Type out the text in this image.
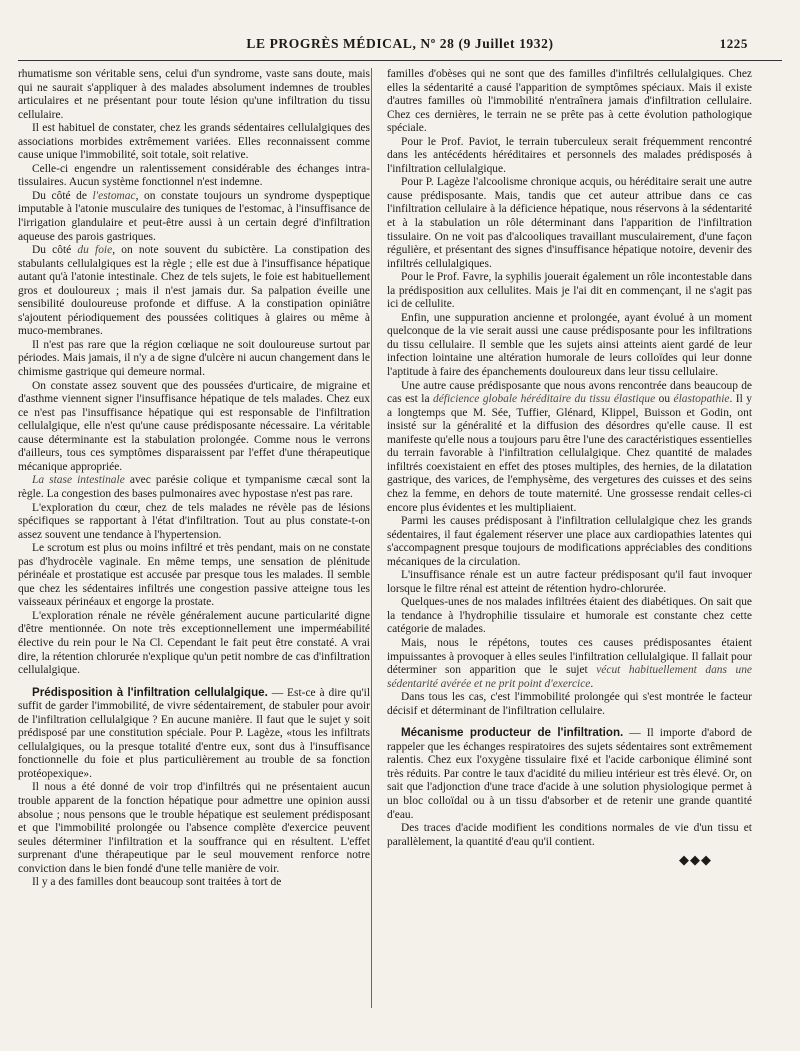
LE PROGRÈS MÉDICAL, Nº 28 (9 Juillet 1932)	1225

rhumatisme son véritable sens, celui d'un syndrome, vaste sans doute, mais qui ne saurait s'appliquer à des malades absolument indemnes de troubles articulaires et ne présentant pour toute lésion qu'une infiltration du tissu cellulaire.

Il est habituel de constater, chez les grands sédentaires cellulalgiques des associations morbides extrêmement variées. Elles reconnaissent comme cause unique l'immobilité, soit totale, soit relative.

Celle-ci engendre un ralentissement considérable des échanges intra-tissulaires. Aucun système fonctionnel n'est indemne.

Du côté de l'estomac, on constate toujours un syndrome dyspeptique imputable à l'atonie musculaire des tuniques de l'estomac, à l'insuffisance de l'irrigation glandulaire et peut-être aussi à un certain degré d'infiltration aqueuse des parois gastriques.

Du côté du foie, on note souvent du subictère. La constipation des stabulants cellulalgiques est la règle ; elle est due à l'insuffisance hépatique autant qu'à l'atonie intestinale. Chez de tels sujets, le foie est habituellement gros et douloureux ; mais il n'est jamais dur. Sa palpation éveille une sensibilité douloureuse profonde et diffuse. A la constipation opiniâtre s'ajoutent périodiquement des poussées colitiques à glaires ou même à muco-membranes.

Il n'est pas rare que la région cœliaque ne soit douloureuse surtout par périodes. Mais jamais, il n'y a de signe d'ulcère ni aucun changement dans le chimisme gastrique qui demeure normal.

On constate assez souvent que des poussées d'urticaire, de migraine et d'asthme viennent signer l'insuffisance hépatique de tels malades. Chez eux ce n'est pas l'insuffisance hépatique qui est responsable de l'infiltration cellulalgique, elle n'est qu'une cause prédisposante nécessaire. La véritable cause déterminante est la stabulation prolongée. Comme nous le verrons d'ailleurs, tous ces symptômes disparaissent par l'effet d'une thérapeutique mécanique appropriée.

La stase intestinale avec parésie colique et tympanisme cæcal sont la règle. La congestion des bases pulmonaires avec hypostase n'est pas rare.

L'exploration du cœur, chez de tels malades ne révèle pas de lésions spécifiques se rapportant à l'état d'infiltration. Tout au plus constate-t-on assez souvent une tendance à l'hypertension.

Le scrotum est plus ou moins infiltré et très pendant, mais on ne constate pas d'hydrocèle vaginale. En même temps, une sensation de plénitude périnéale et prostatique est accusée par presque tous les malades. Il semble que chez les sédentaires infiltrés une congestion passive atteigne tous les vaisseaux périnéaux et engorge la prostate.

L'exploration rénale ne révèle généralement aucune particularité digne d'être mentionnée. On note très exceptionnellement une imperméabilité élective du rein pour le Na Cl. Cependant le fait peut être constaté. A vrai dire, la rétention chlorurée n'explique qu'un petit nombre de cas d'infiltration cellulalgique.

Prédisposition à l'infiltration cellulalgique. — Est-ce à dire qu'il suffit de garder l'immobilité, de vivre sédentairement, de stabuler pour avoir de l'infiltration cellulalgique ? En aucune manière. Il faut que le sujet y soit prédisposé par une constitution spéciale. Pour P. Lagèze, «tous les infiltrats cellulalgiques, ou la presque totalité d'entre eux, sont dus à l'insuffisance fonctionnelle du foie et plus particulièrement au trouble de sa fonction protéopexique».

Il nous a été donné de voir trop d'infiltrés qui ne présentaient aucun trouble apparent de la fonction hépatique pour admettre une opinion aussi absolue ; nous pensons que le trouble hépatique est seulement prédisposant et que l'immobilité prolongée ou l'absence complète d'exercice peuvent seules déterminer l'infiltration et la souffrance qui en résultent. L'effet surprenant d'une thérapeutique par le seul mouvement renforce notre conviction dans le bien fondé d'une telle manière de voir.

Il y a des familles dont beaucoup sont traitées à tort de

familles d'obèses qui ne sont que des familles d'infiltrés cellulalgiques. Chez elles la sédentarité a causé l'apparition de symptômes spéciaux. Mais il existe d'autres familles où l'immobilité n'entraînera jamais d'infiltration cellulaire. Chez ces dernières, le terrain ne se prête pas à cette évolution pathologique spéciale.

Pour le Prof. Paviot, le terrain tuberculeux serait fréquemment rencontré dans les antécédents héréditaires et personnels des malades prédisposés à l'infiltration cellulalgique.

Pour P. Lagèze l'alcoolisme chronique acquis, ou héréditaire serait une autre cause prédisposante. Mais, tandis que cet auteur attribue dans ce cas l'infiltration cellulaire à la déficience hépatique, nous réservons à la sédentarité et à la stabulation un rôle déterminant dans l'apparition de l'infiltration tissulaire. On ne voit pas d'alcooliques travaillant musculairement, d'une façon régulière, et présentant des signes d'insuffisance hépatique notoire, devenir des infiltrés cellulalgiques.

Pour le Prof. Favre, la syphilis jouerait également un rôle incontestable dans la prédisposition aux cellulites. Mais je l'ai dit en commençant, il ne s'agit pas ici de cellulite.

Enfin, une suppuration ancienne et prolongée, ayant évolué à un moment quelconque de la vie serait aussi une cause prédisposante pour les infiltrations du tissu cellulaire. Il semble que les sujets ainsi atteints aient gardé de leur infection lointaine une altération humorale de leurs colloïdes qui leur donne l'aptitude à faire des épanchements douloureux dans leur tissu cellulaire.

Une autre cause prédisposante que nous avons rencontrée dans beaucoup de cas est la déficience globale héréditaire du tissu élastique ou élastopathie. Il y a longtemps que M. Sée, Tuffier, Glénard, Klippel, Buisson et Godin, ont insisté sur la généralité et la diffusion des désordres qu'elle cause. Il est manifeste qu'elle nous a toujours paru être l'une des caractéristiques essentielles du terrain favorable à l'infiltration cellulalgique. Chez quantité de malades infiltrés coexistaient en effet des ptoses multiples, des hernies, de la dilatation gastrique, des varices, de l'emphysème, des vergetures des cuisses et des seins chez la femme, en dehors de toute maternité. Une grossesse rendait celles-ci encore plus évidentes et les multipliaient.

Parmi les causes prédisposant à l'infiltration cellulalgique chez les grands sédentaires, il faut également réserver une place aux cardiopathies latentes qui s'accompagnent presque toujours de modifications appréciables des conditions mécaniques de la circulation.

L'insuffisance rénale est un autre facteur prédisposant qu'il faut invoquer lorsque le filtre rénal est atteint de rétention hydro-chlorurée.

Quelques-unes de nos malades infiltrées étaient des diabétiques. On sait que la tendance à l'hydrophilie tissulaire et humorale est constante chez cette catégorie de malades.

Mais, nous le répétons, toutes ces causes prédisposantes étaient impuissantes à provoquer à elles seules l'infiltration cellulalgique. Il fallait pour déterminer son apparition que le sujet vécut habituellement dans une sédentarité avérée et ne prit point d'exercice.

Dans tous les cas, c'est l'immobilité prolongée qui s'est montrée le facteur décisif et déterminant de l'infiltration cellulaire.

Mécanisme producteur de l'infiltration. — Il importe d'abord de rappeler que les échanges respiratoires des sujets sédentaires sont extrêmement ralentis. Chez eux l'oxygène tissulaire fixé et l'acide carbonique éliminé sont très réduits. Par contre le taux d'acidité du milieu intérieur est très élevé. Or, on sait que l'adjonction d'une trace d'acide à une solution physiologique permet à un bloc colloïdal ou à un tissu d'absorber et de retenir une grande quantité d'eau.

Des traces d'acide modifient les conditions normales de vie d'un tissu et parallèlement, la quantité d'eau qu'il contient.

◆◆◆
